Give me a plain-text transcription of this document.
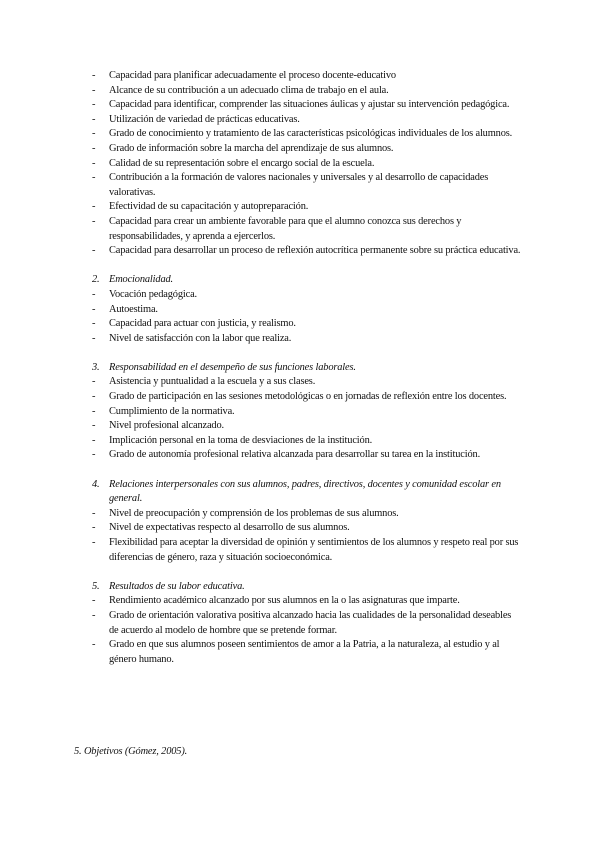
- Capacidad para planificar adecuadamente el proceso docente-educativo
- Alcance de su contribución a un adecuado clima de trabajo en el aula.
- Capacidad para identificar, comprender las situaciones áulicas y ajustar su intervención pedagógica.
- Utilización de variedad de prácticas educativas.
- Grado de conocimiento y tratamiento de las características psicológicas individuales de los alumnos.
- Grado de información sobre la marcha del aprendizaje de sus alumnos.
- Calidad de su representación sobre el encargo social de la escuela.
- Contribución a la formación de valores nacionales y universales y al desarrollo de capacidades valorativas.
- Efectividad de su capacitación y autopreparación.
- Capacidad para crear un ambiente favorable para que el alumno conozca sus derechos y responsabilidades, y aprenda a ejercerlos.
- Capacidad para desarrollar un proceso de reflexión autocrítica permanente sobre su práctica educativa.
2. Emocionalidad.
- Vocación pedagógica.
- Autoestima.
- Capacidad para actuar con justicia, y realismo.
- Nivel de satisfacción con la labor que realiza.
3. Responsabilidad en el desempeño de sus funciones laborales.
- Asistencia y puntualidad a la escuela y a sus clases.
- Grado de participación en las sesiones metodológicas o en jornadas de reflexión entre los docentes.
- Cumplimiento de la normativa.
- Nivel profesional alcanzado.
- Implicación personal en la toma de desviaciones de la institución.
- Grado de autonomía profesional relativa alcanzada para desarrollar su tarea en la institución.
4. Relaciones interpersonales con sus alumnos, padres, directivos, docentes y comunidad escolar en general.
- Nivel de preocupación y comprensión de los problemas de sus alumnos.
- Nivel de expectativas respecto al desarrollo de sus alumnos.
- Flexibilidad para aceptar la diversidad de opinión y sentimientos de los alumnos y respeto real por sus diferencias de género, raza y situación socioeconómica.
5. Resultados de su labor educativa.
- Rendimiento académico alcanzado por sus alumnos en la o las asignaturas que imparte.
- Grado de orientación valorativa positiva alcanzado hacia las cualidades de la personalidad deseables de acuerdo al modelo de hombre que se pretende formar.
- Grado en que sus alumnos poseen sentimientos de amor a la Patria, a la naturaleza, al estudio y al género humano.
5. Objetivos (Gómez, 2005).
